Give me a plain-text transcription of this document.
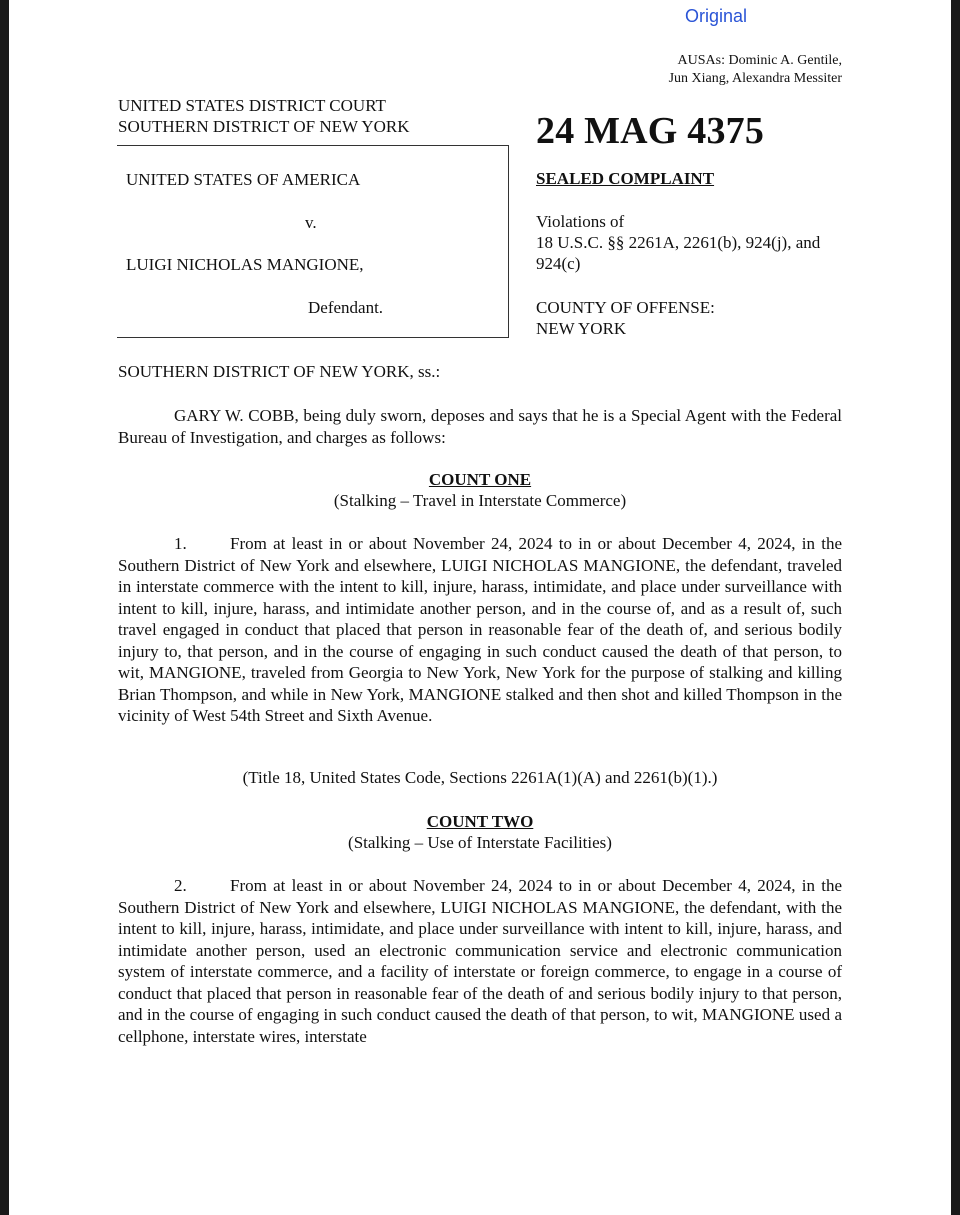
Original
AUSAs: Dominic A. Gentile,
Jun Xiang, Alexandra Messiter
UNITED STATES DISTRICT COURT
SOUTHERN DISTRICT OF NEW YORK	24 MAG 4375
UNITED STATES OF AMERICA
v.
LUIGI NICHOLAS MANGIONE,
Defendant.
SEALED COMPLAINT
Violations of
18 U.S.C. §§ 2261A, 2261(b), 924(j), and 924(c)
COUNTY OF OFFENSE:
NEW YORK
SOUTHERN DISTRICT OF NEW YORK, ss.:
GARY W. COBB, being duly sworn, deposes and says that he is a Special Agent with the Federal Bureau of Investigation, and charges as follows:
COUNT ONE
(Stalking – Travel in Interstate Commerce)
1.	From at least in or about November 24, 2024 to in or about December 4, 2024, in the Southern District of New York and elsewhere, LUIGI NICHOLAS MANGIONE, the defendant, traveled in interstate commerce with the intent to kill, injure, harass, intimidate, and place under surveillance with intent to kill, injure, harass, and intimidate another person, and in the course of, and as a result of, such travel engaged in conduct that placed that person in reasonable fear of the death of, and serious bodily injury to, that person, and in the course of engaging in such conduct caused the death of that person, to wit, MANGIONE, traveled from Georgia to New York, New York for the purpose of stalking and killing Brian Thompson, and while in New York, MANGIONE stalked and then shot and killed Thompson in the vicinity of West 54th Street and Sixth Avenue.
(Title 18, United States Code, Sections 2261A(1)(A) and 2261(b)(1).)
COUNT TWO
(Stalking – Use of Interstate Facilities)
2.	From at least in or about November 24, 2024 to in or about December 4, 2024, in the Southern District of New York and elsewhere, LUIGI NICHOLAS MANGIONE, the defendant, with the intent to kill, injure, harass, intimidate, and place under surveillance with intent to kill, injure, harass, and intimidate another person, used an electronic communication service and electronic communication system of interstate commerce, and a facility of interstate or foreign commerce, to engage in a course of conduct that placed that person in reasonable fear of the death of and serious bodily injury to that person, and in the course of engaging in such conduct caused the death of that person, to wit, MANGIONE used a cellphone, interstate wires, interstate
